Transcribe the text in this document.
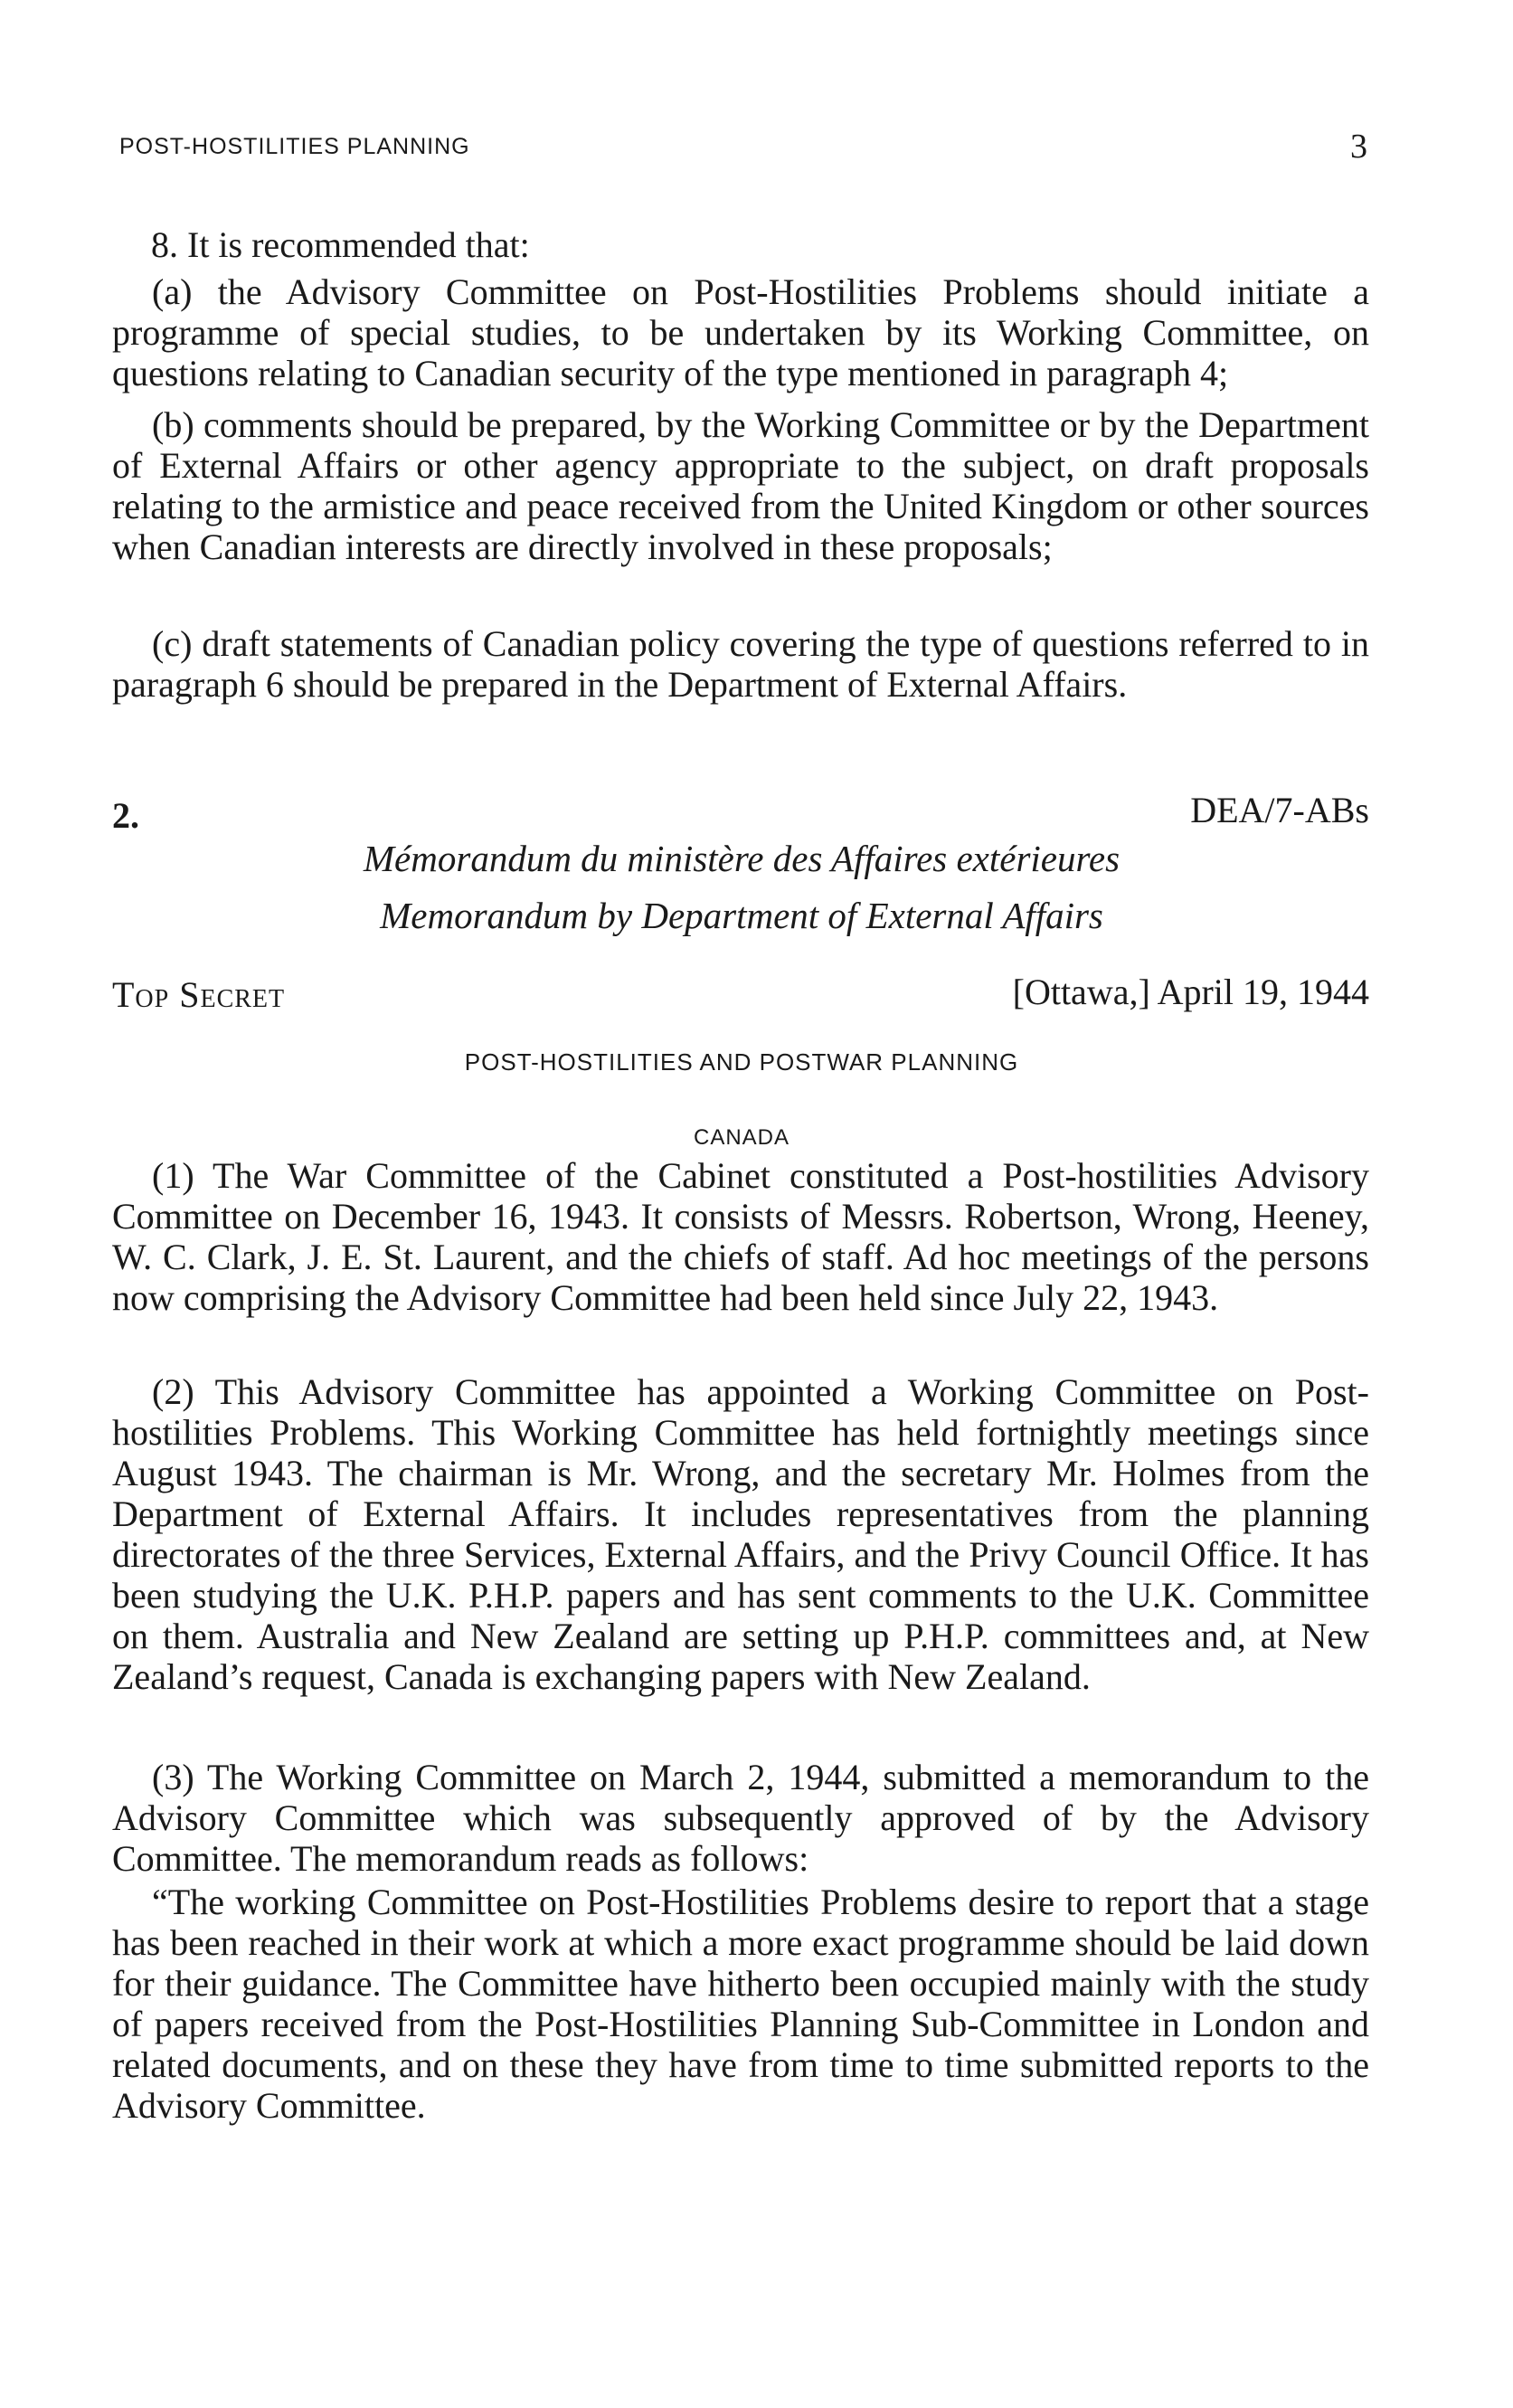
POST-HOSTILITIES PLANNING	3
8. It is recommended that:

(a) the Advisory Committee on Post-Hostilities Problems should initiate a programme of special studies, to be undertaken by its Working Committee, on questions relating to Canadian security of the type mentioned in paragraph 4;

(b) comments should be prepared, by the Working Committee or by the Department of External Affairs or other agency appropriate to the subject, on draft proposals relating to the armistice and peace received from the United Kingdom or other sources when Canadian interests are directly involved in these proposals;

(c) draft statements of Canadian policy covering the type of questions referred to in paragraph 6 should be prepared in the Department of External Affairs.

2.	DEA/7-ABs
Mémorandum du ministère des Affaires extérieures
Memorandum by Department of External Affairs
Top Secret	[Ottawa,] April 19, 1944
POST-HOSTILITIES AND POSTWAR PLANNING
CANADA

(1) The War Committee of the Cabinet constituted a Post-hostilities Advisory Committee on December 16, 1943. It consists of Messrs. Robertson, Wrong, Heeney, W. C. Clark, J. E. St. Laurent, and the chiefs of staff. Ad hoc meetings of the persons now comprising the Advisory Committee had been held since July 22, 1943.

(2) This Advisory Committee has appointed a Working Committee on Post-hostilities Problems. This Working Committee has held fortnightly meetings since August 1943. The chairman is Mr. Wrong, and the secretary Mr. Holmes from the Department of External Affairs. It includes representatives from the planning directorates of the three Services, External Affairs, and the Privy Council Office. It has been studying the U.K. P.H.P. papers and has sent comments to the U.K. Committee on them. Australia and New Zealand are setting up P.H.P. committees and, at New Zealand’s request, Canada is exchanging papers with New Zealand.

(3) The Working Committee on March 2, 1944, submitted a memorandum to the Advisory Committee which was subsequently approved of by the Advisory Committee. The memorandum reads as follows:

“The working Committee on Post-Hostilities Problems desire to report that a stage has been reached in their work at which a more exact programme should be laid down for their guidance. The Committee have hitherto been occupied mainly with the study of papers received from the Post-Hostilities Planning Sub-Committee in London and related documents, and on these they have from time to time submitted reports to the Advisory Committee.
